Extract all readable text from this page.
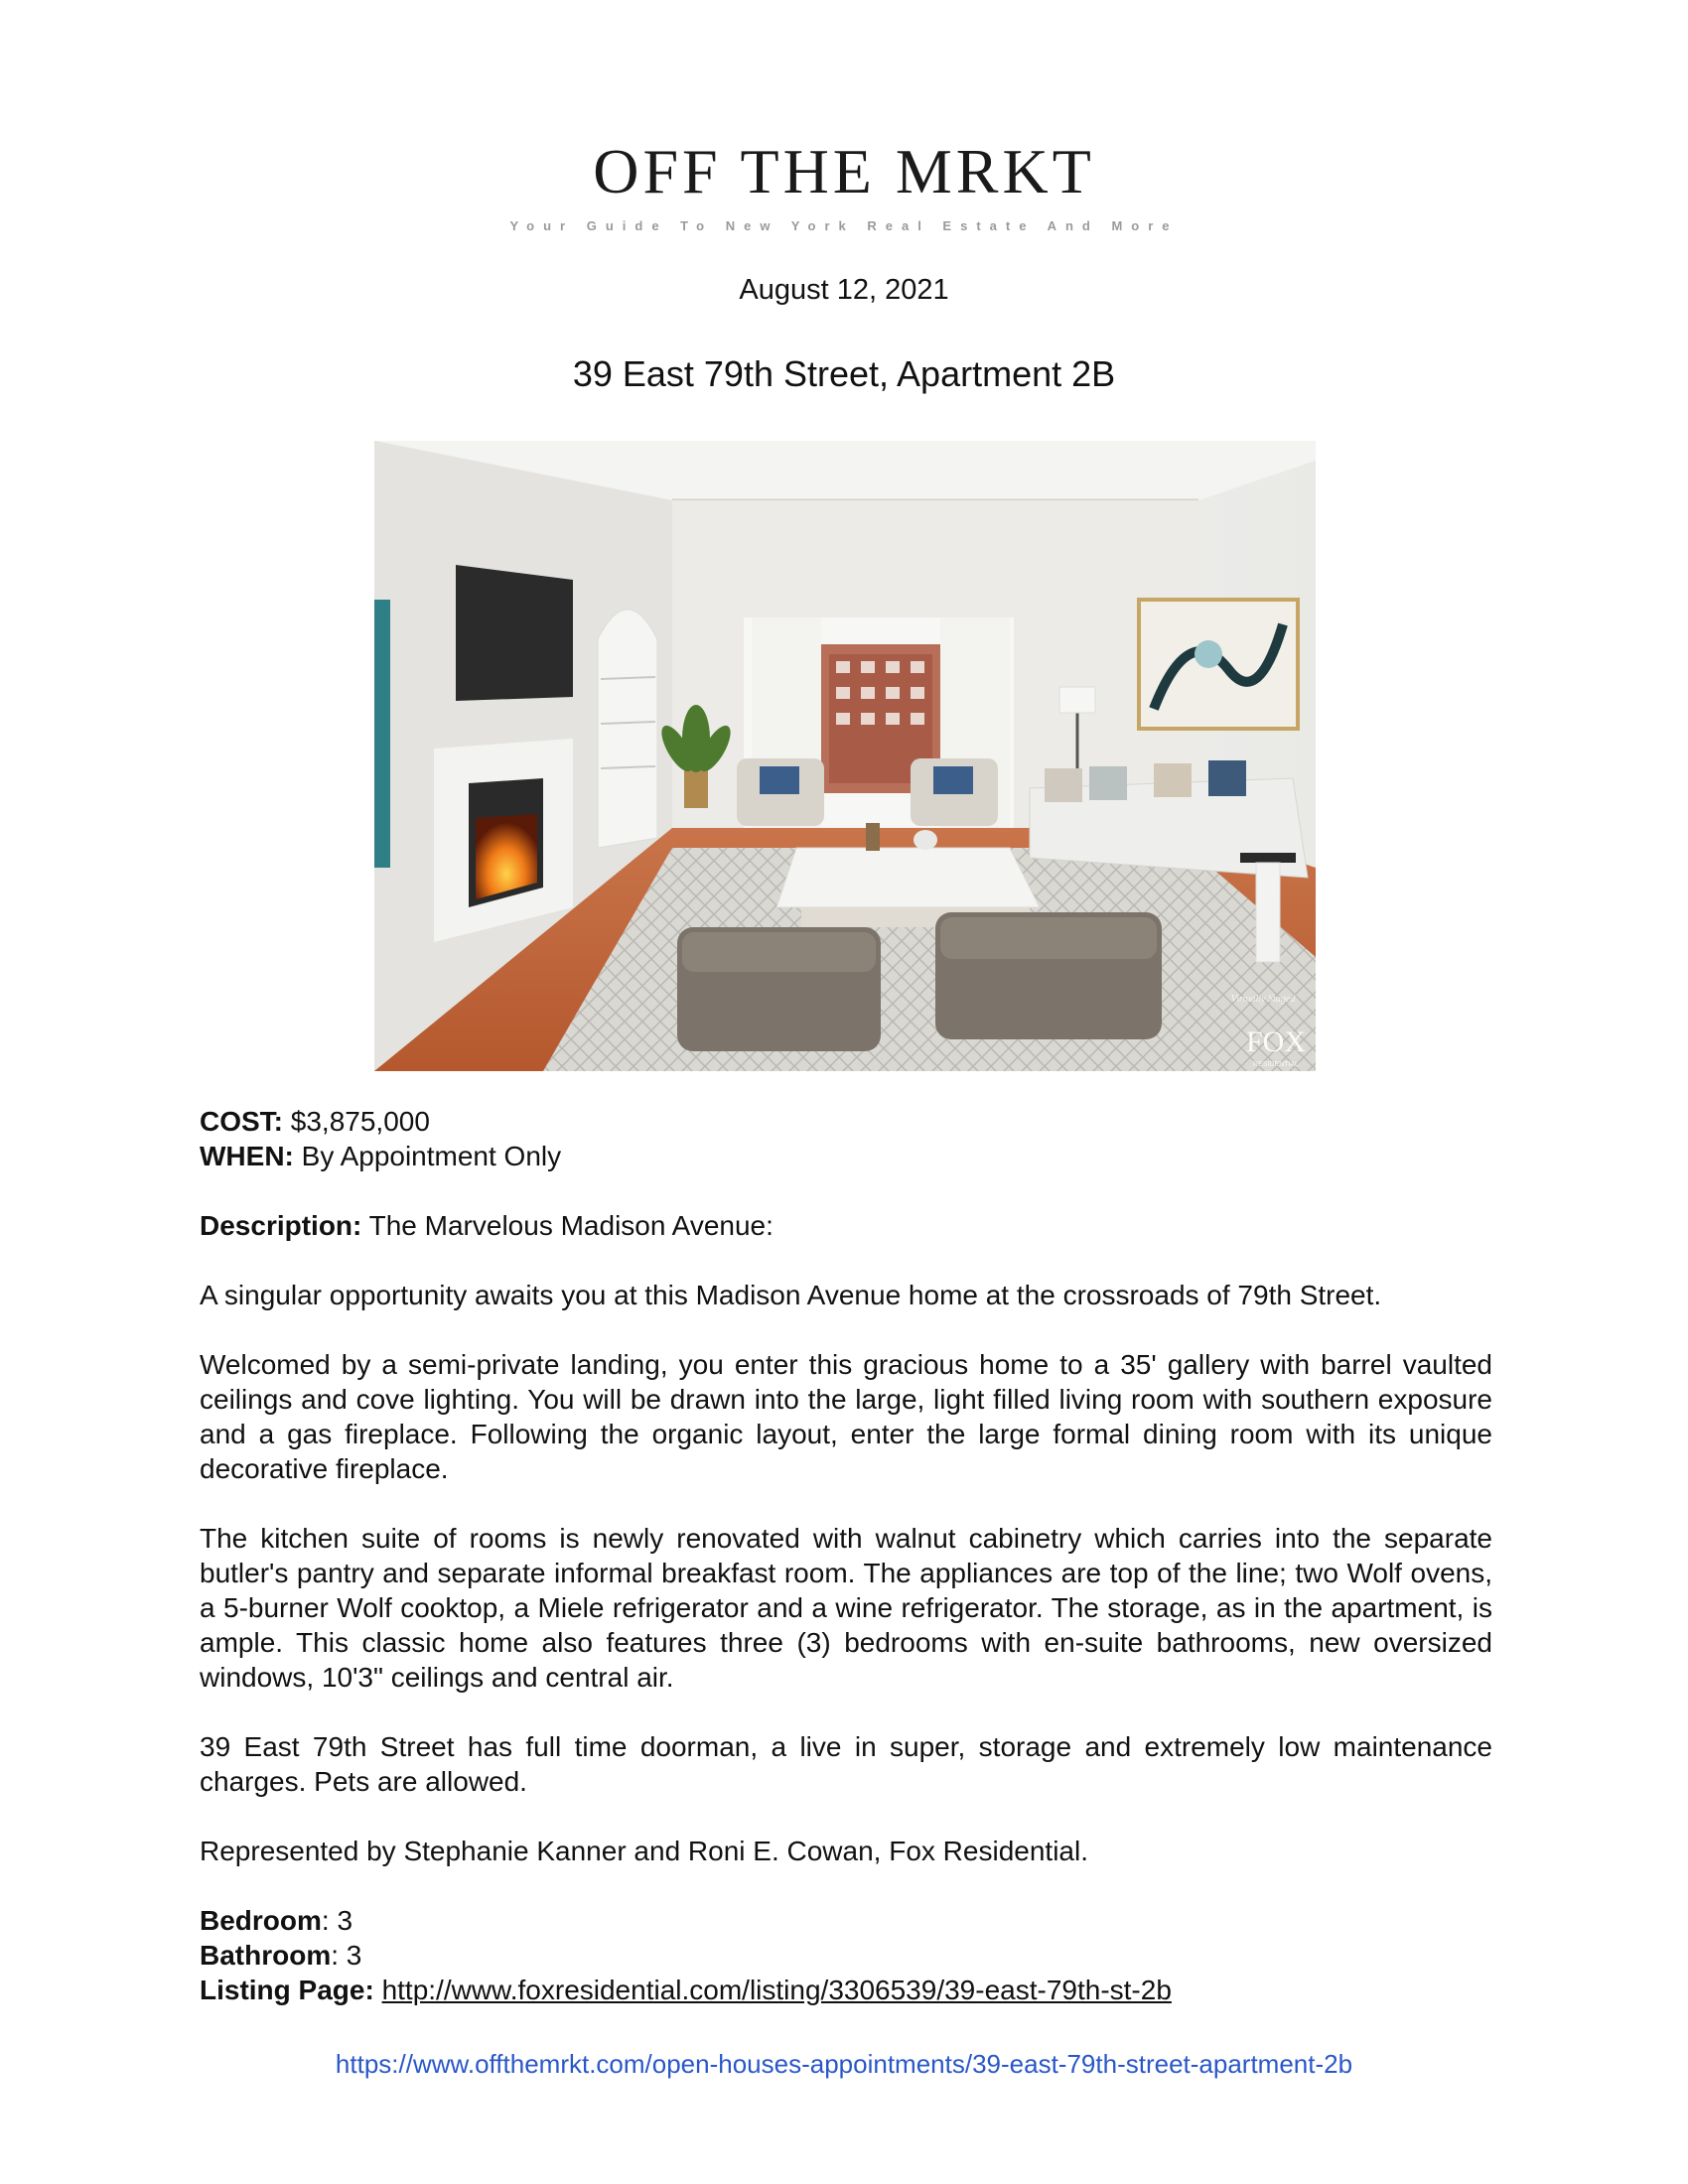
OFF THE MRKT
Your Guide To New York Real Estate And More
August 12, 2021
39 East 79th Street, Apartment 2B
FOX
RESIDENTIAL
Virtually Staged

COST: $3,875,000

WHEN: By Appointment Only

Description: The Marvelous Madison Avenue:

A singular opportunity awaits you at this Madison Avenue home at the crossroads of 79th Street.

Welcomed by a semi-private landing, you enter this gracious home to a 35' gallery with barrel vaulted ceilings and cove lighting. You will be drawn into the large, light filled living room with southern exposure and a gas fireplace. Following the organic layout, enter the large formal dining room with its unique decorative fireplace.

The kitchen suite of rooms is newly renovated with walnut cabinetry which carries into the separate butler's pantry and separate informal breakfast room. The appliances are top of the line; two Wolf ovens, a 5-burner Wolf cooktop, a Miele refrigerator and a wine refrigerator. The storage, as in the apartment, is ample. This classic home also features three (3) bedrooms with en-suite bathrooms, new oversized windows, 10'3" ceilings and central air.

39 East 79th Street has full time doorman, a live in super, storage and extremely low maintenance charges. Pets are allowed.

Represented by Stephanie Kanner and Roni E. Cowan, Fox Residential.

Bedroom: 3

Bathroom: 3

Listing Page: http://www.foxresidential.com/listing/3306539/39-east-79th-st-2b

https://www.offthemrkt.com/open-houses-appointments/39-east-79th-street-apartment-2b
